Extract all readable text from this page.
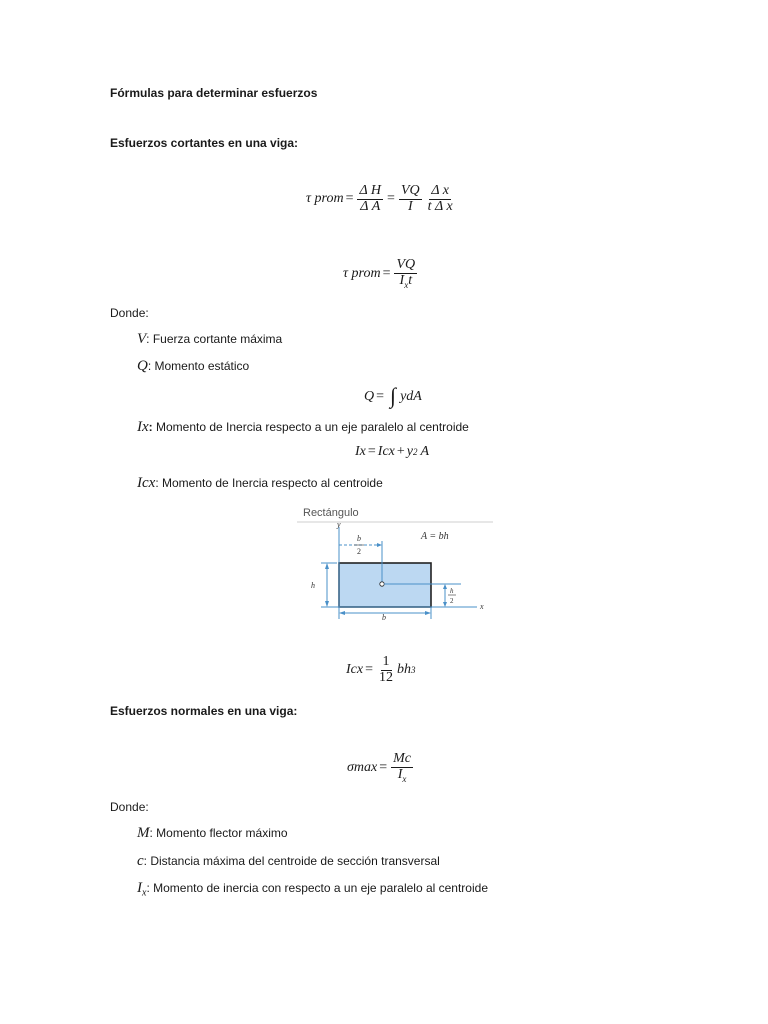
Fórmulas para determinar esfuerzos
Esfuerzos cortantes en una viga:
τ prom = $\frac{\text{Δ H}}{\text{Δ A}} = \frac{VQ}{I} \frac{\text{Δ x}}{\text{t Δ x}}$
τ prom = $\frac{VQ}{I_xt}$
Donde:
V: Fuerza cortante máxima
Q: Momento estático
Q = ∫ ydA
Ix: Momento de Inercia respecto a un eje paralelo al centroide
Ix = Icx + y 2 A
Icx: Momento de Inercia respecto al centroide
Rectángulo
A = bh
y
x
b
2
h
h
2
b
Icx = $\frac{1}{12}$ bh 3
Esfuerzos normales en una viga:
$\sigma\max = \frac{Mc}{I_x}$
Donde:
M: Momento flector máximo
c: Distancia máxima del centroide de sección transversal
$I_x$: Momento de inercia con respecto a un eje paralelo al centroide
